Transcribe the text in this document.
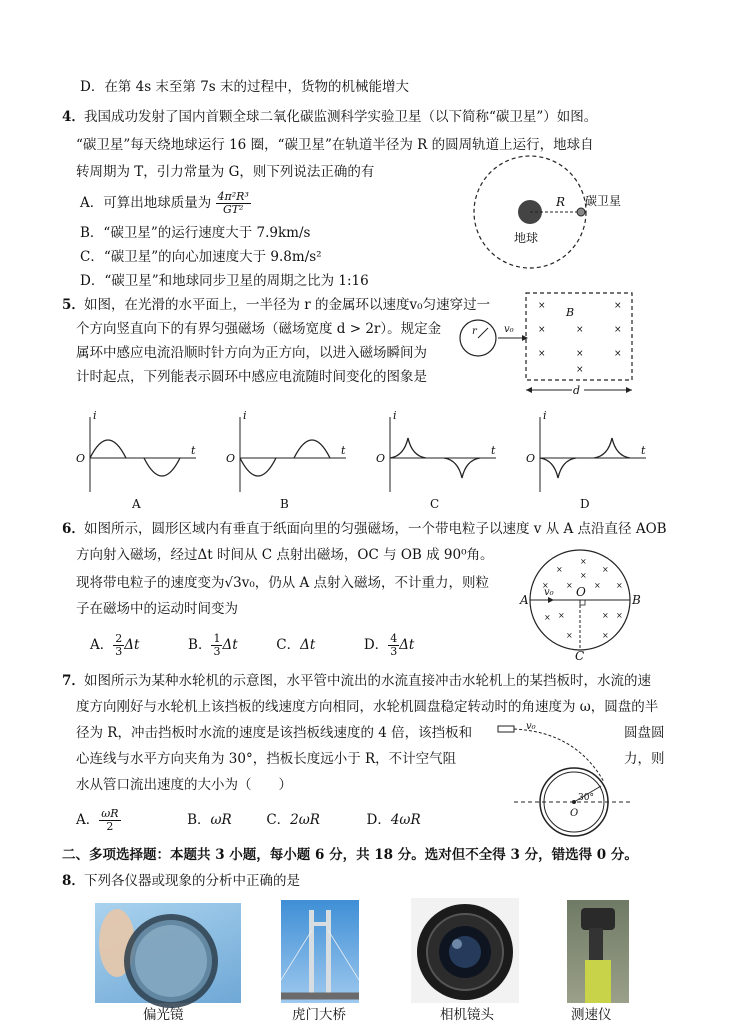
D．在第 4s 末至第 7s 末的过程中，货物的机械能增大
4． 我国成功发射了国内首颗全球二氧化碳监测科学实验卫星（以下简称“碳卫星”）如图。
“碳卫星”每天绕地球运行 16 圈，“碳卫星”在轨道半径为 R 的圆周轨道上运行，地球自
转周期为 T，引力常量为 G，则下列说法正确的有
A．可算出地球质量为 $\frac{\text{4π²R³}}{\text{GT²}}$
B．“碳卫星”的运行速度大于 7.9km/s
C．“碳卫星”的向心加速度大于 9.8m/s²
D．“碳卫星”和地球同步卫星的周期之比为 1:16
R 碳卫星
地球
5． 如图，在光滑的水平面上，一半径为 r 的金属环以速度v₀匀速穿过一
个方向竖直向下的有界匀强磁场（磁场宽度 d > 2r）。规定金
属环中感应电流沿顺时针方向为正方向，以进入磁场瞬间为
计时起点，下列能表示圆环中感应电流随时间变化的图象是
r	v₀
B
×
×
×
×
×
×
×
×
×
d
i
t
O
A
i
t
O
B
i
t
O
C
i
t
O
D
6． 如图所示，圆形区域内有垂直于纸面向里的匀强磁场，一个带电粒子以速度 v 从 A 点沿直径 AOB
方向射入磁场，经过Δt 时间从 C 点射出磁场，OC 与 OB 成 90⁰角。
现将带电粒子的速度变为√3v₀，仍从 A 点射入磁场，不计重力，则粒
子在磁场中的运动时间变为
A． $\frac{2}{3}$ Δt	B． $\frac{1}{3}$ Δt	C．Δt	D． $\frac{4}{3}$ Δt
×
×
×
× ×	× ×
×	×
×	×
×	×
×
A	B
O
C
v₀
7． 如图所示为某种水轮机的示意图，水平管中流出的水流直接冲击水轮机上的某挡板时，水流的速
度方向刚好与水轮机上该挡板的线速度方向相同，水轮机圆盘稳定转动时的角速度为 ω，圆盘的半
径为 R，冲击挡板时水流的速度是该挡板线速度的 4 倍，该挡板和	圆盘圆
心连线与水平方向夹角为 30°，挡板长度远小于 R，不计空气阻	力，则
水从管口流出速度的大小为（　　）
A． $\frac{\omega R}{2}$	B．ωR	C．2ωR	D．4ωR
v₀
30°
O
二、多项选择题：本题共 3 小题，每小题 6 分，共 18 分。选对但不全得 3 分，错选得 0 分。
8． 下列各仪器或现象的分析中正确的是
偏光镜	虎门大桥	相机镜头	测速仪
